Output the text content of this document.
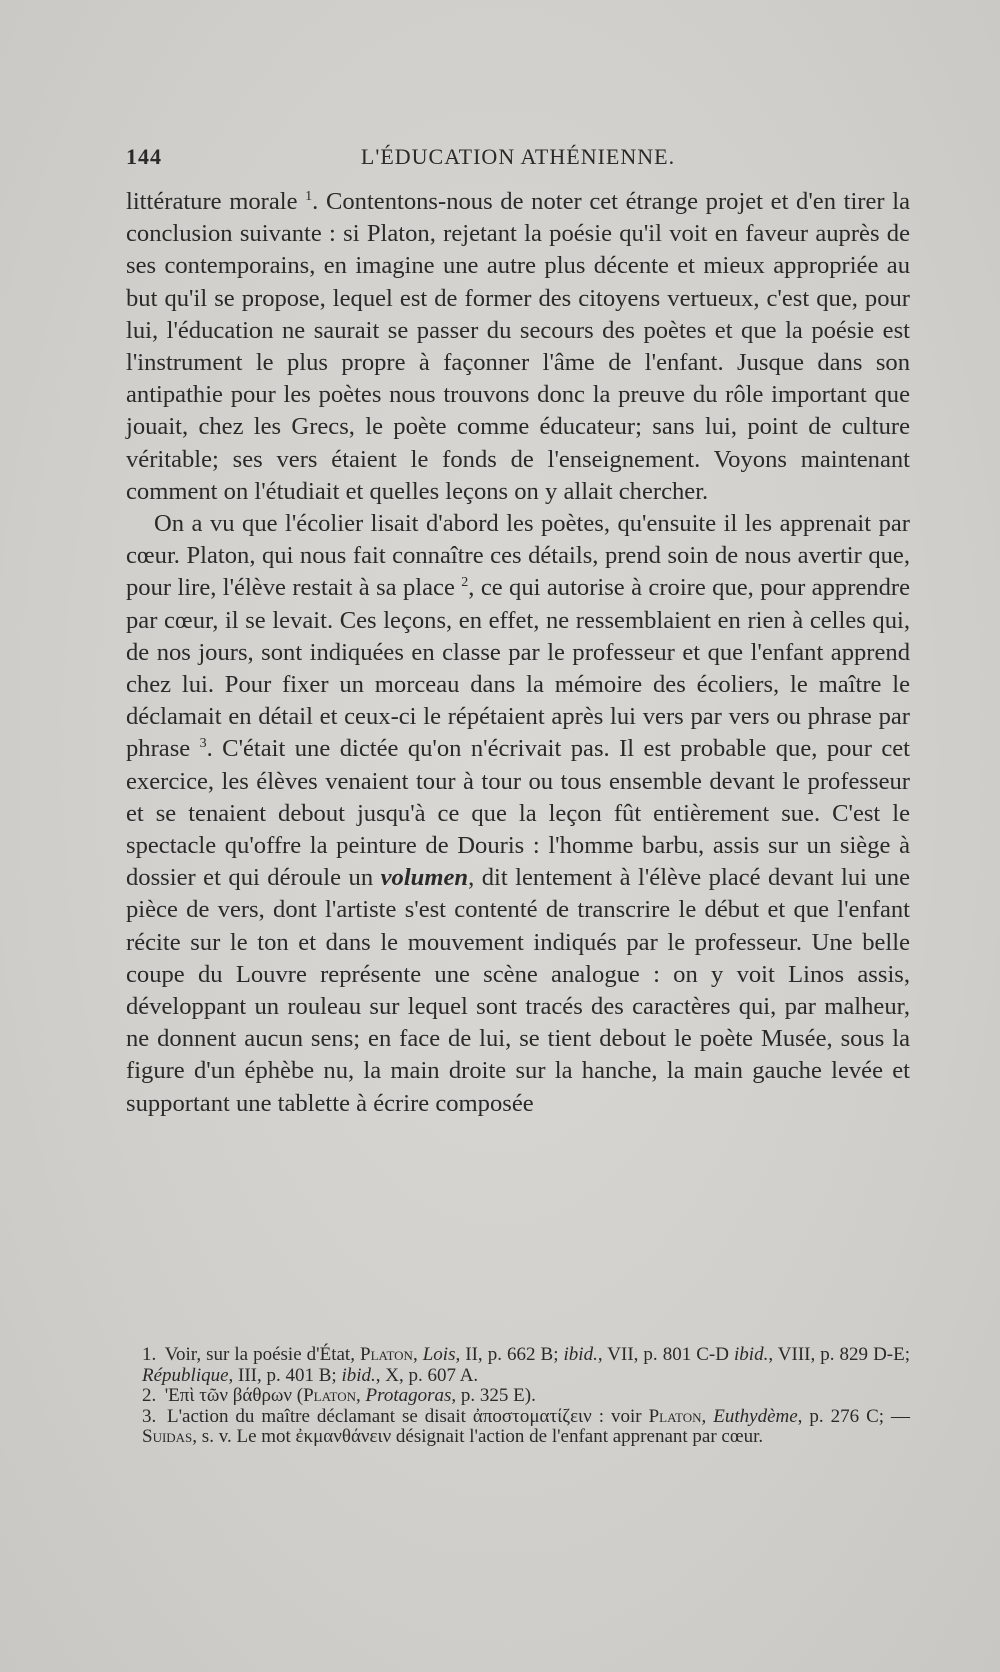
144	L'ÉDUCATION ATHÉNIENNE.

littérature morale $^1$. Contentons-nous de noter cet étrange projet et d'en tirer la conclusion suivante : si Platon, rejetant la poésie qu'il voit en faveur auprès de ses contemporains, en imagine une autre plus décente et mieux appropriée au but qu'il se propose, lequel est de former des citoyens vertueux, c'est que, pour lui, l'éducation ne saurait se passer du secours des poètes et que la poésie est l'instrument le plus propre à façonner l'âme de l'enfant. Jusque dans son antipathie pour les poètes nous trouvons donc la preuve du rôle important que jouait, chez les Grecs, le poète comme éducateur; sans lui, point de culture véritable; ses vers étaient le fonds de l'enseignement. Voyons maintenant comment on l'étudiait et quelles leçons on y allait chercher.

On a vu que l'écolier lisait d'abord les poètes, qu'ensuite il les apprenait par cœur. Platon, qui nous fait connaître ces détails, prend soin de nous avertir que, pour lire, l'élève restait à sa place $^2$, ce qui autorise à croire que, pour apprendre par cœur, il se levait. Ces leçons, en effet, ne ressemblaient en rien à celles qui, de nos jours, sont indiquées en classe par le professeur et que l'enfant apprend chez lui. Pour fixer un morceau dans la mémoire des écoliers, le maître le déclamait en détail et ceux-ci le répétaient après lui vers par vers ou phrase par phrase $^3$. C'était une dictée qu'on n'écrivait pas. Il est probable que, pour cet exercice, les élèves venaient tour à tour ou tous ensemble devant le professeur et se tenaient debout jusqu'à ce que la leçon fût entièrement sue. C'est le spectacle qu'offre la peinture de Douris : l'homme barbu, assis sur un siège à dossier et qui déroule un volumen, dit lentement à l'élève placé devant lui une pièce de vers, dont l'artiste s'est contenté de transcrire le début et que l'enfant récite sur le ton et dans le mouvement indiqués par le professeur. Une belle coupe du Louvre représente une scène analogue : on y voit Linos assis, développant un rouleau sur lequel sont tracés des caractères qui, par malheur, ne donnent aucun sens; en face de lui, se tient debout le poète Musée, sous la figure d'un éphèbe nu, la main droite sur la hanche, la main gauche levée et supportant une tablette à écrire composée

1. Voir, sur la poésie d'État, Platon, Lois, II, p. 662 B; ibid., VII, p. 801 C-D ibid., VIII, p. 829 D-E; République, III, p. 401 B; ibid., X, p. 607 A.

2. 'Επὶ τῶν βάθρων (Platon, Protagoras, p. 325 E).

3. L'action du maître déclamant se disait ἀποστοματίζειν : voir Platon, Euthydème, p. 276 C; — Suidas, s. v. Le mot ἐκμανθάνειν désignait l'action de l'enfant apprenant par cœur.
